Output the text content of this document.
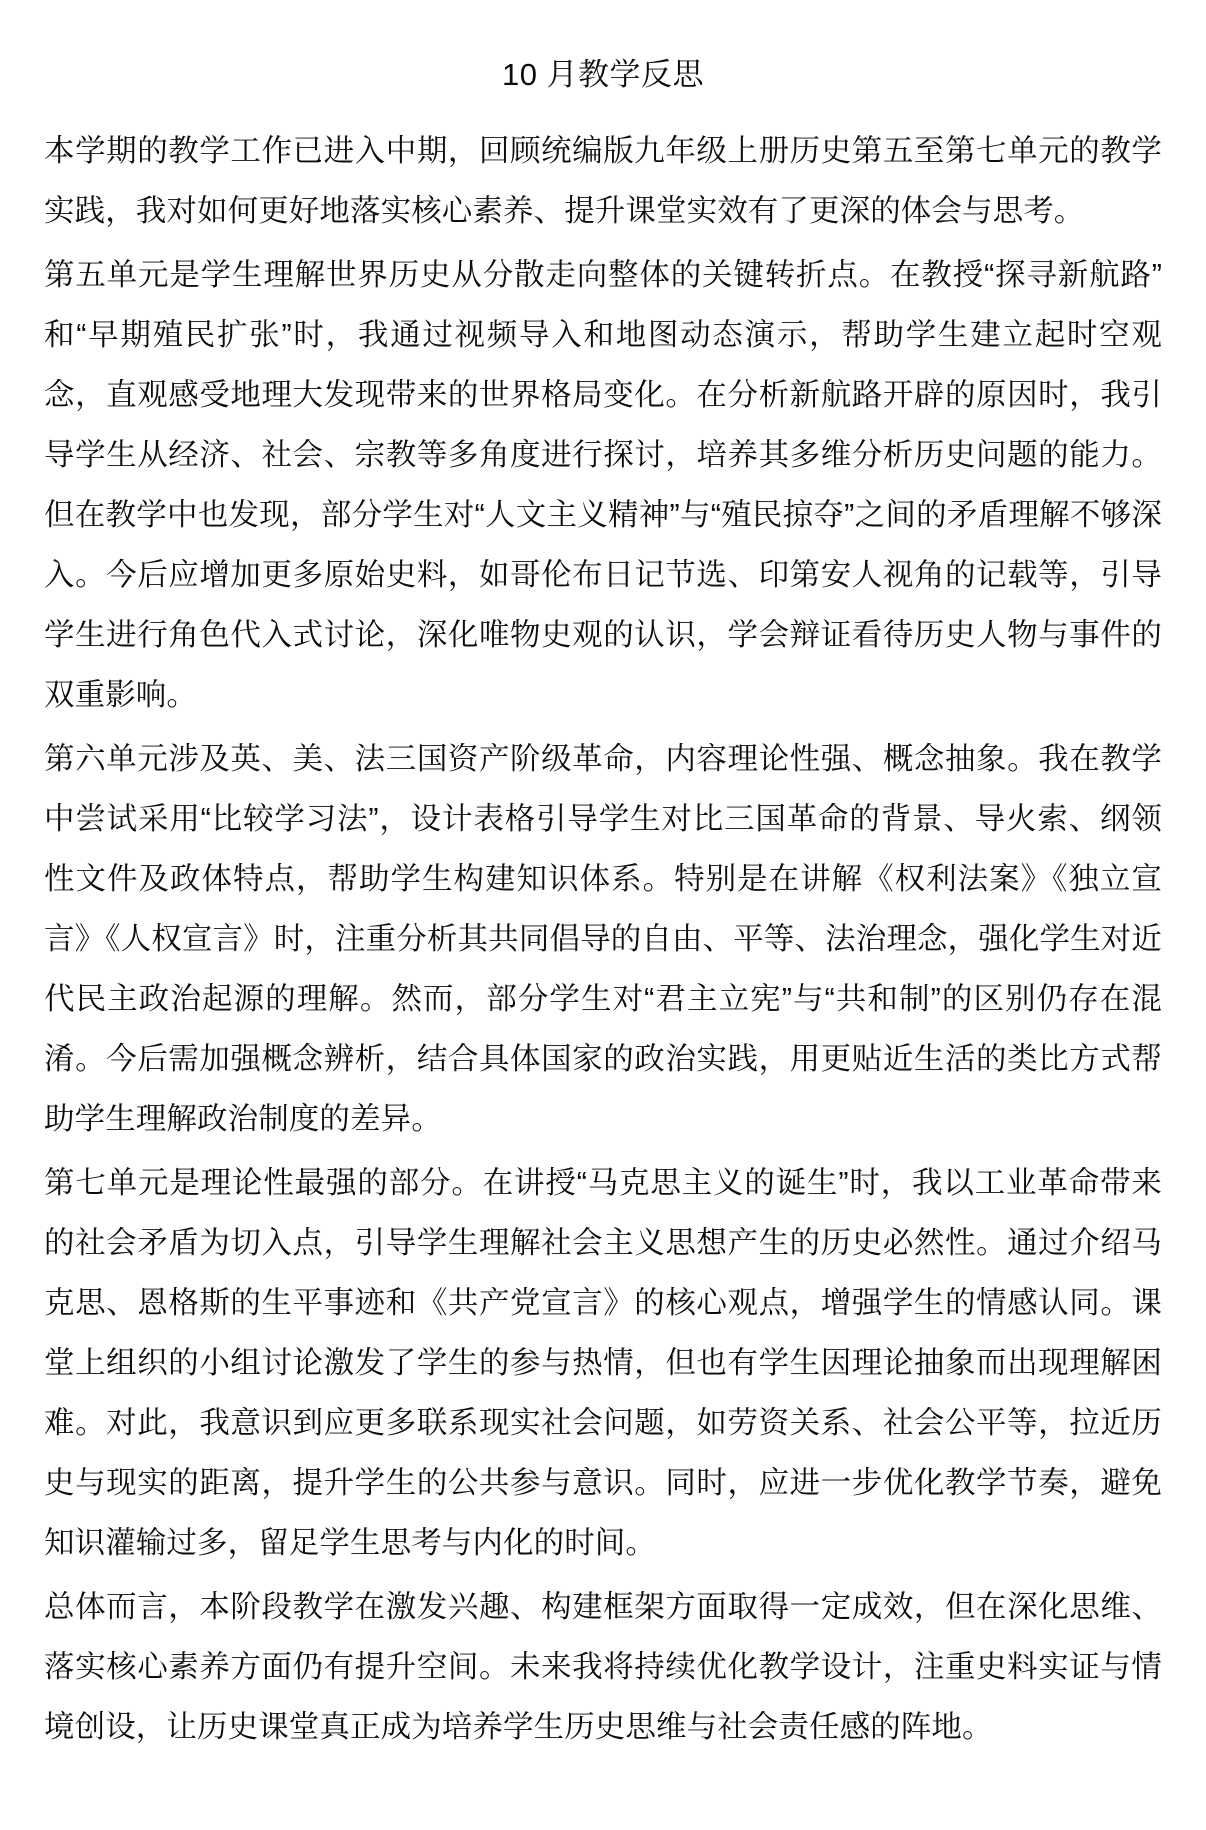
10 月教学反思

本学期的教学工作已进入中期，回顾统编版九年级上册历史第五至第七单元的教学实践，我对如何更好地落实核心素养、提升课堂实效有了更深的体会与思考。

第五单元是学生理解世界历史从分散走向整体的关键转折点。在教授“探寻新航路”和“早期殖民扩张”时，我通过视频导入和地图动态演示，帮助学生建立起时空观念，直观感受地理大发现带来的世界格局变化。在分析新航路开辟的原因时，我引导学生从经济、社会、宗教等多角度进行探讨，培养其多维分析历史问题的能力。但在教学中也发现，部分学生对“人文主义精神”与“殖民掠夺”之间的矛盾理解不够深入。今后应增加更多原始史料，如哥伦布日记节选、印第安人视角的记载等，引导学生进行角色代入式讨论，深化唯物史观的认识，学会辩证看待历史人物与事件的双重影响。

第六单元涉及英、美、法三国资产阶级革命，内容理论性强、概念抽象。我在教学中尝试采用“比较学习法”，设计表格引导学生对比三国革命的背景、导火索、纲领性文件及政体特点，帮助学生构建知识体系。特别是在讲解《权利法案》《独立宣言》《人权宣言》时，注重分析其共同倡导的自由、平等、法治理念，强化学生对近代民主政治起源的理解。然而，部分学生对“君主立宪”与“共和制”的区别仍存在混淆。今后需加强概念辨析，结合具体国家的政治实践，用更贴近生活的类比方式帮助学生理解政治制度的差异。

第七单元是理论性最强的部分。在讲授“马克思主义的诞生”时，我以工业革命带来的社会矛盾为切入点，引导学生理解社会主义思想产生的历史必然性。通过介绍马克思、恩格斯的生平事迹和《共产党宣言》的核心观点，增强学生的情感认同。课堂上组织的小组讨论激发了学生的参与热情，但也有学生因理论抽象而出现理解困难。对此，我意识到应更多联系现实社会问题，如劳资关系、社会公平等，拉近历史与现实的距离，提升学生的公共参与意识。同时，应进一步优化教学节奏，避免知识灌输过多，留足学生思考与内化的时间。

总体而言，本阶段教学在激发兴趣、构建框架方面取得一定成效，但在深化思维、落实核心素养方面仍有提升空间。未来我将持续优化教学设计，注重史料实证与情境创设，让历史课堂真正成为培养学生历史思维与社会责任感的阵地。
